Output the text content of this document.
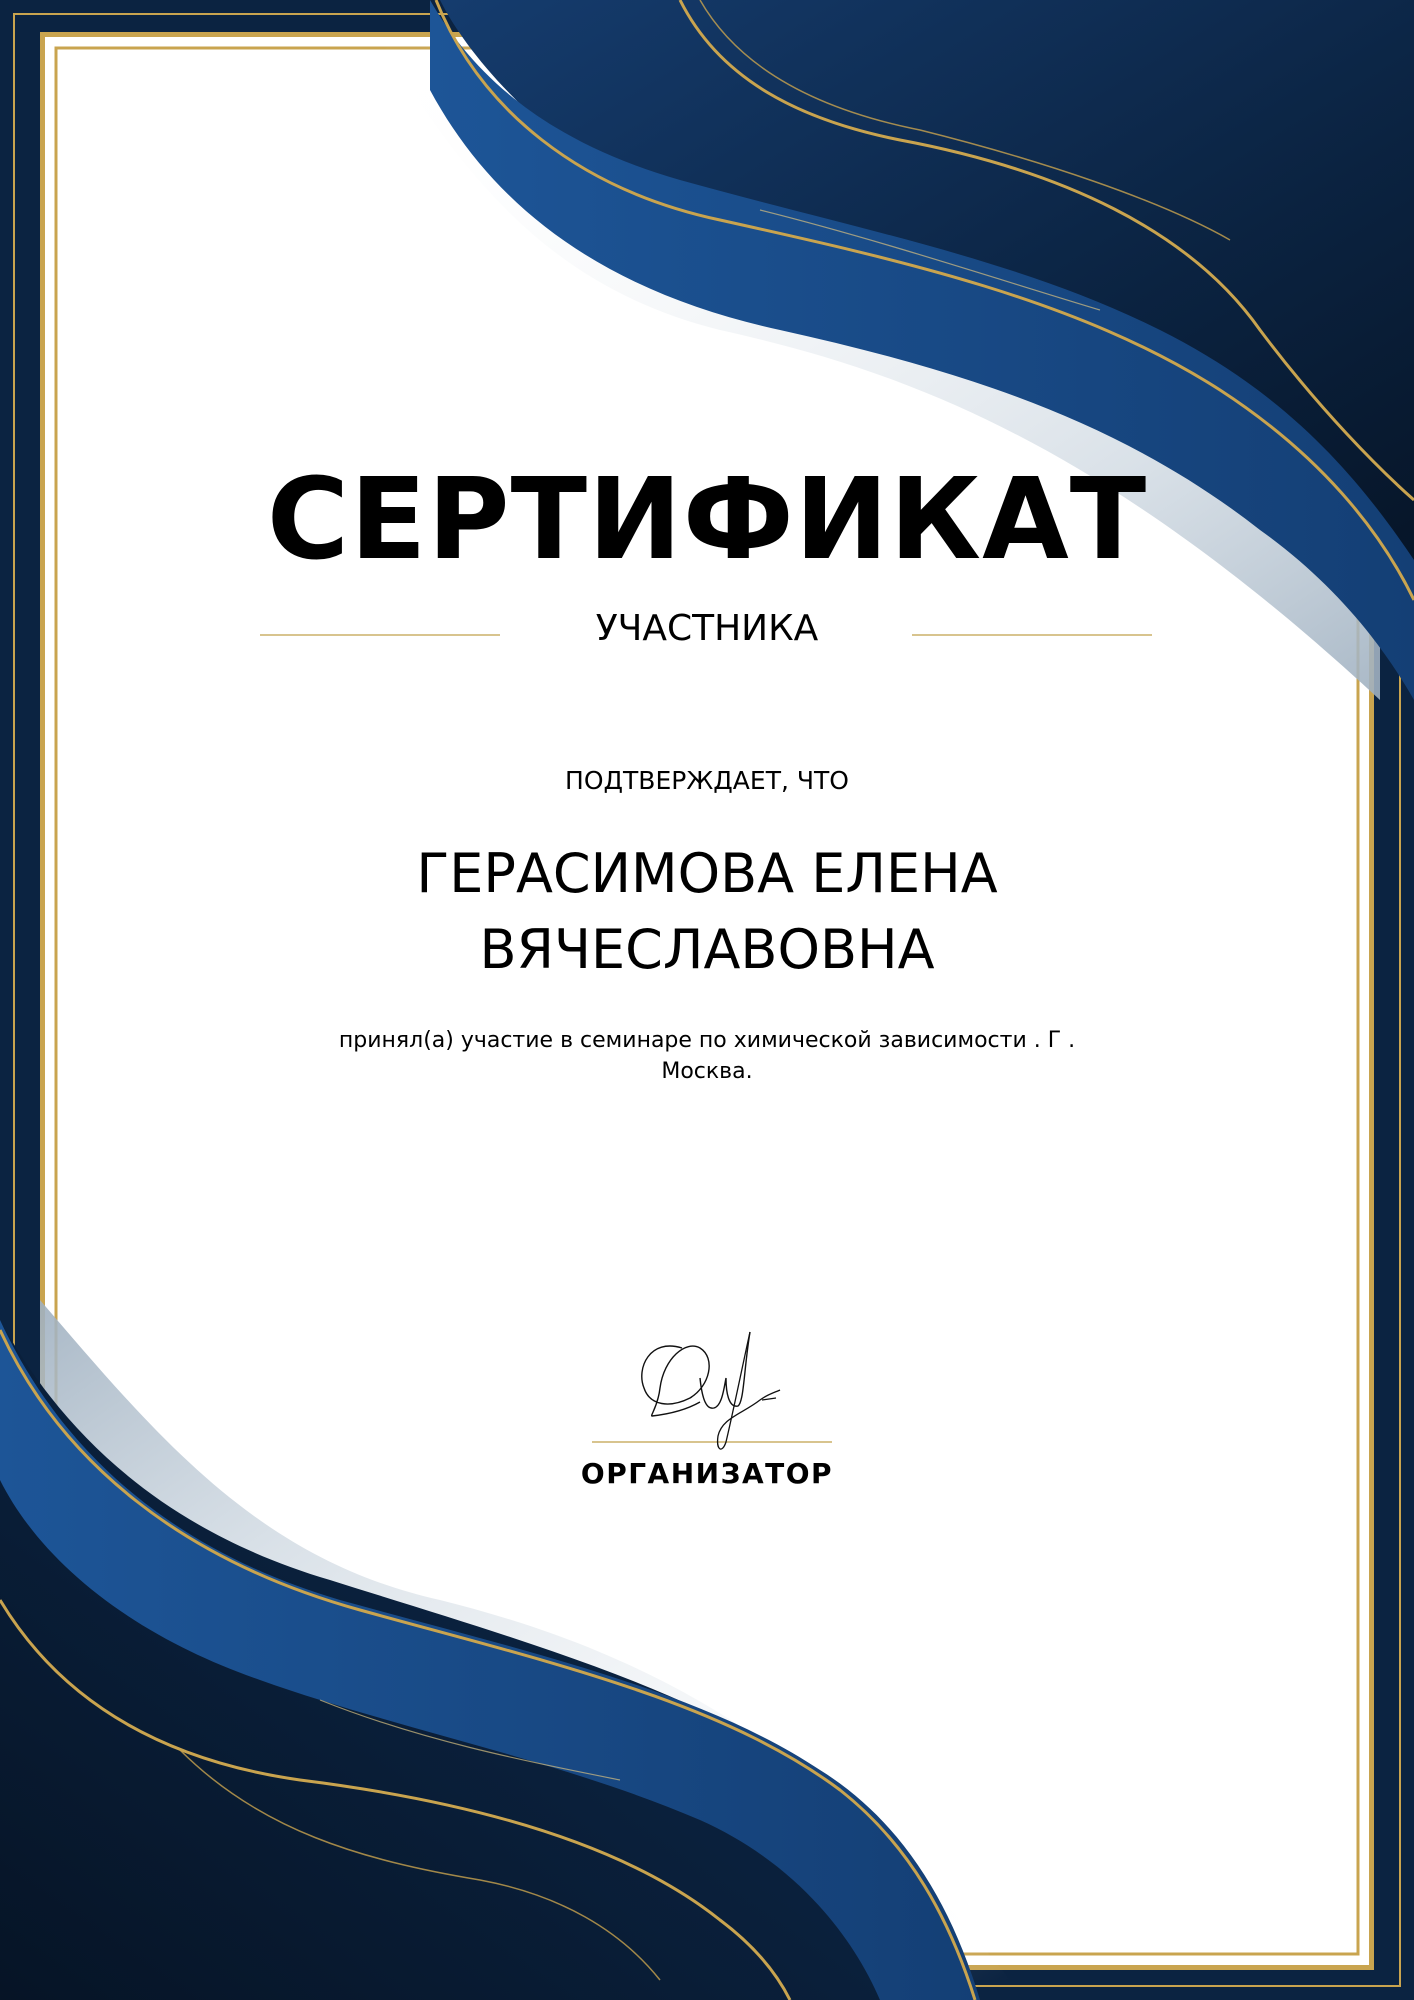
СЕРТИФИКАТ
УЧАСТНИКА
ПОДТВЕРЖДАЕТ, ЧТО
ГЕРАСИМОВА ЕЛЕНА ВЯЧЕСЛАВОВНА
принял(а) участие в семинаре по химической зависимости . Г . Москва.
ОРГАНИЗАТОР
